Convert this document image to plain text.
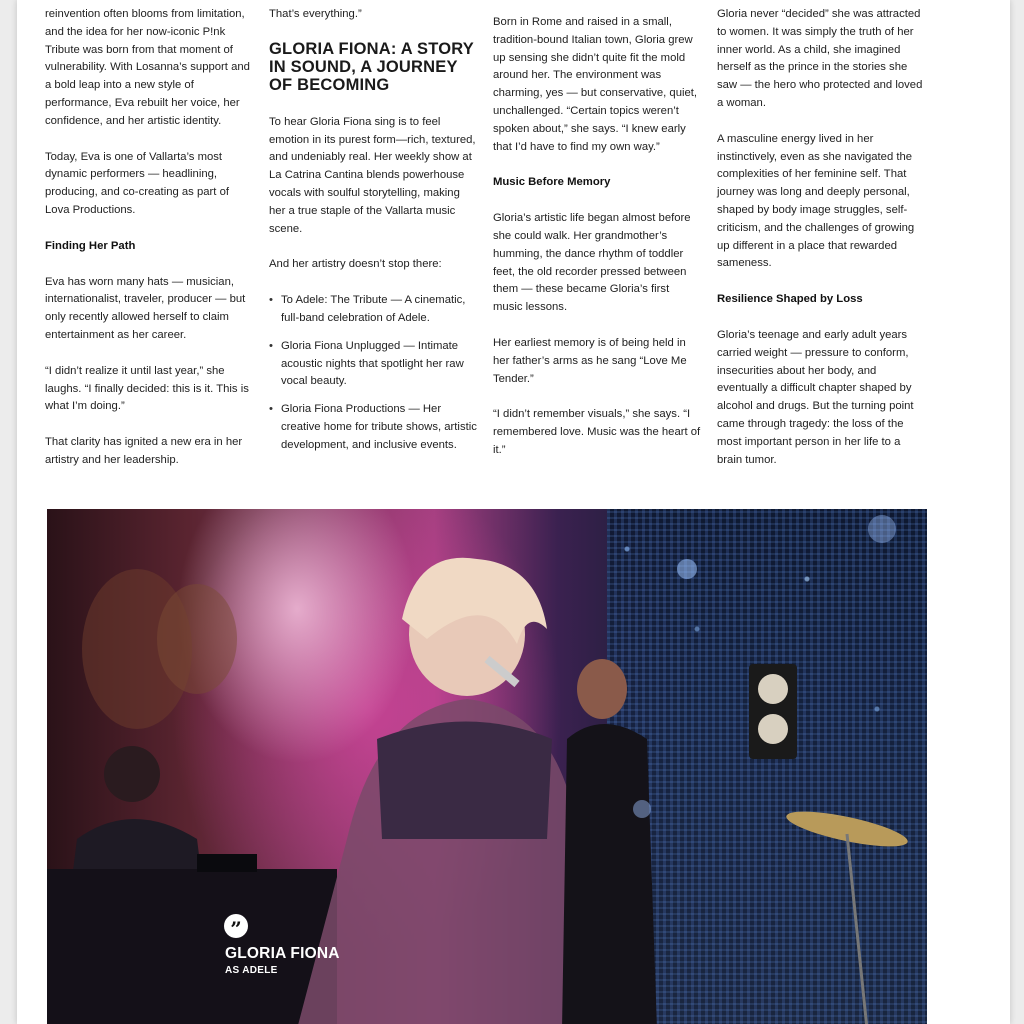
reinvention often blooms from limitation, and the idea for her now-iconic P!nk Tribute was born from that moment of vulnerability. With Losanna’s support and a bold leap into a new style of performance, Eva rebuilt her voice, her confidence, and her artistic identity.

Today, Eva is one of Vallarta’s most dynamic performers — headlining, producing, and co-creating as part of Lova Productions.

Finding Her Path

Eva has worn many hats — musician, internationalist, traveler, producer — but only recently allowed herself to claim entertainment as her career.

“I didn’t realize it until last year,” she laughs. “I finally decided: this is it. This is what I’m doing.”

That clarity has ignited a new era in her artistry and her leadership.

That’s everything.”

GLORIA FIONA: A STORY IN SOUND, A JOURNEY OF BECOMING

To hear Gloria Fiona sing is to feel emotion in its purest form—rich, textured, and undeniably real. Her weekly show at La Catrina Cantina blends powerhouse vocals with soulful storytelling, making her a true staple of the Vallarta music scene.

And her artistry doesn’t stop there:

• To Adele: The Tribute — A cinematic, full-band celebration of Adele.
• Gloria Fiona Unplugged — Intimate acoustic nights that spotlight her raw vocal beauty.
• Gloria Fiona Productions — Her creative home for tribute shows, artistic development, and inclusive events.

Born in Rome and raised in a small, tradition-bound Italian town, Gloria grew up sensing she didn’t quite fit the mold around her. The environment was charming, yes — but conservative, quiet, unchallenged. “Certain topics weren’t spoken about,” she says. “I knew early that I’d have to find my own way.”

Music Before Memory

Gloria’s artistic life began almost before she could walk. Her grandmother’s humming, the dance rhythm of toddler feet, the old recorder pressed between them — these became Gloria’s first music lessons.

Her earliest memory is of being held in her father’s arms as he sang “Love Me Tender.”

“I didn’t remember visuals,” she says. “I remembered love. Music was the heart of it.”

Gloria never “decided” she was attracted to women. It was simply the truth of her inner world. As a child, she imagined herself as the prince in the stories she saw — the hero who protected and loved a woman.

A masculine energy lived in her instinctively, even as she navigated the complexities of her feminine self. That journey was long and deeply personal, shaped by body image struggles, self-criticism, and the challenges of growing up different in a place that rewarded sameness.

Resilience Shaped by Loss

Gloria’s teenage and early adult years carried weight — pressure to conform, insecurities about her body, and eventually a difficult chapter shaped by alcohol and drugs. But the turning point came through tragedy: the loss of the most important person in her life to a brain tumor.

”
GLORIA FIONA
AS ADELE
